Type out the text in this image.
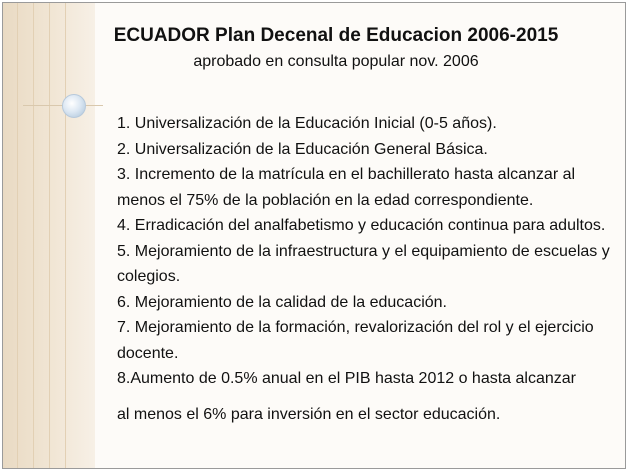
ECUADOR Plan Decenal de Educacion 2006-2015
aprobado en consulta popular nov. 2006
1. Universalización de la Educación Inicial (0-5 años).
2. Universalización de la Educación General Básica.
3. Incremento de la matrícula en el bachillerato hasta alcanzar al menos el 75% de la población en la edad correspondiente.
4. Erradicación del analfabetismo y educación continua para adultos.
5. Mejoramiento de la infraestructura y el equipamiento de escuelas y colegios.
6. Mejoramiento de la calidad de la educación.
7. Mejoramiento de la formación, revalorización del rol y el ejercicio docente.
8.Aumento de 0.5% anual en el PIB hasta 2012 o hasta alcanzar
al menos el 6% para inversión en el sector educación.
